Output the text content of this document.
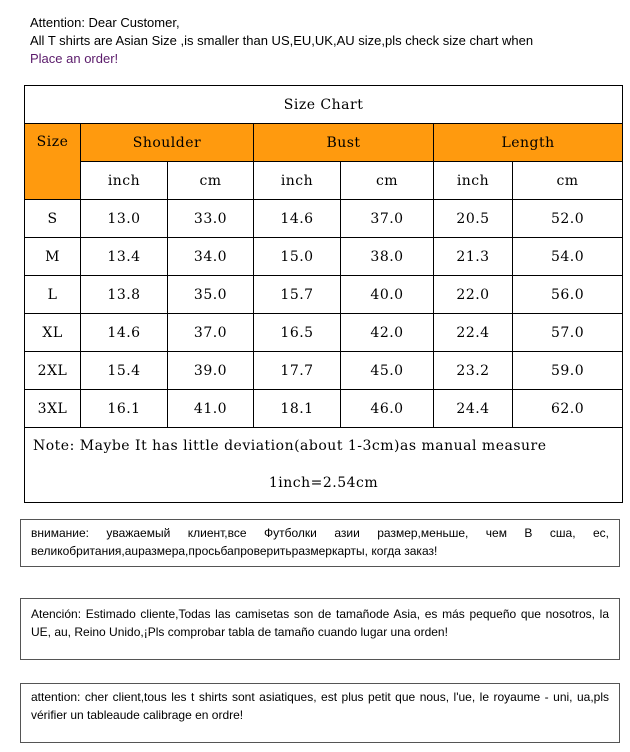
Attention: Dear Customer,
All T shirts are Asian Size ,is smaller than US,EU,UK,AU size,pls check size chart when
Place an order!
Size Chart						
Size	Shoulder		Bust		Length	
	inch	cm	inch	cm	inch	cm
S	13.0	33.0	14.6	37.0	20.5	52.0
M	13.4	34.0	15.0	38.0	21.3	54.0
L	13.8	35.0	15.7	40.0	22.0	56.0
XL	14.6	37.0	16.5	42.0	22.4	57.0
2XL	15.4	39.0	17.7	45.0	23.2	59.0
3XL	16.1	41.0	18.1	46.0	24.4	62.0
Note: Maybe It has little deviation(about 1-3cm)as manual measure						
1inch=2.54cm						
внимание: уважаемый клиент,все Футболки азии размер,меньше, чем В сша, ес, великобритания,аuразмера,просьбапроверитьразмеркарты, когда заказ!
Atención: Estimado cliente,Todas las camisetas son de tamañode Asia, es más pequeño que nosotros, la UE, au, Reino Unido,¡Pls comprobar tabla de tamaño cuando lugar una orden!
attention: cher client,tous les t shirts sont asiatiques, est plus petit que nous, l'ue, le royaume - uni, ua,pls vérifier un tableaude calibrage en ordre!
